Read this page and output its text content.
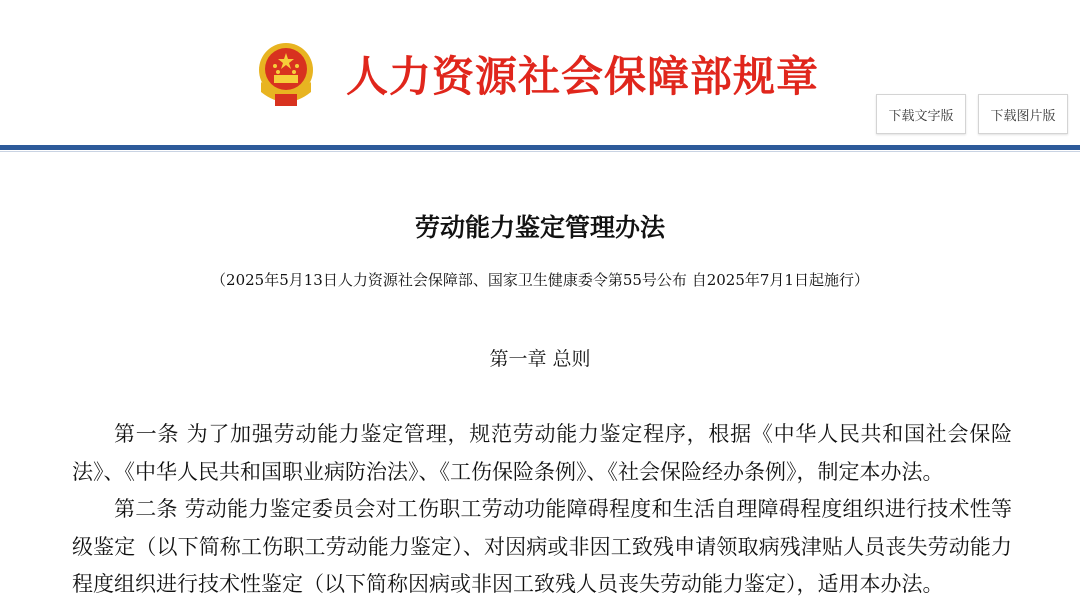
人力资源社会保障部规章
下载文字版	下载图片版
劳动能力鉴定管理办法
（2025年5月13日人力资源社会保障部、国家卫生健康委令第55号公布 自2025年7月1日起施行）
第一章 总则

第一条 为了加强劳动能力鉴定管理，规范劳动能力鉴定程序，根据《中华人民共和国社会保险法》、《中华人民共和国职业病防治法》、《工伤保险条例》、《社会保险经办条例》，制定本办法。

第二条 劳动能力鉴定委员会对工伤职工劳动功能障碍程度和生活自理障碍程度组织进行技术性等级鉴定（以下简称工伤职工劳动能力鉴定）、对因病或非因工致残申请领取病残津贴人员丧失劳动能力程度组织进行技术性鉴定（以下简称因病或非因工致残人员丧失劳动能力鉴定），适用本办法。
